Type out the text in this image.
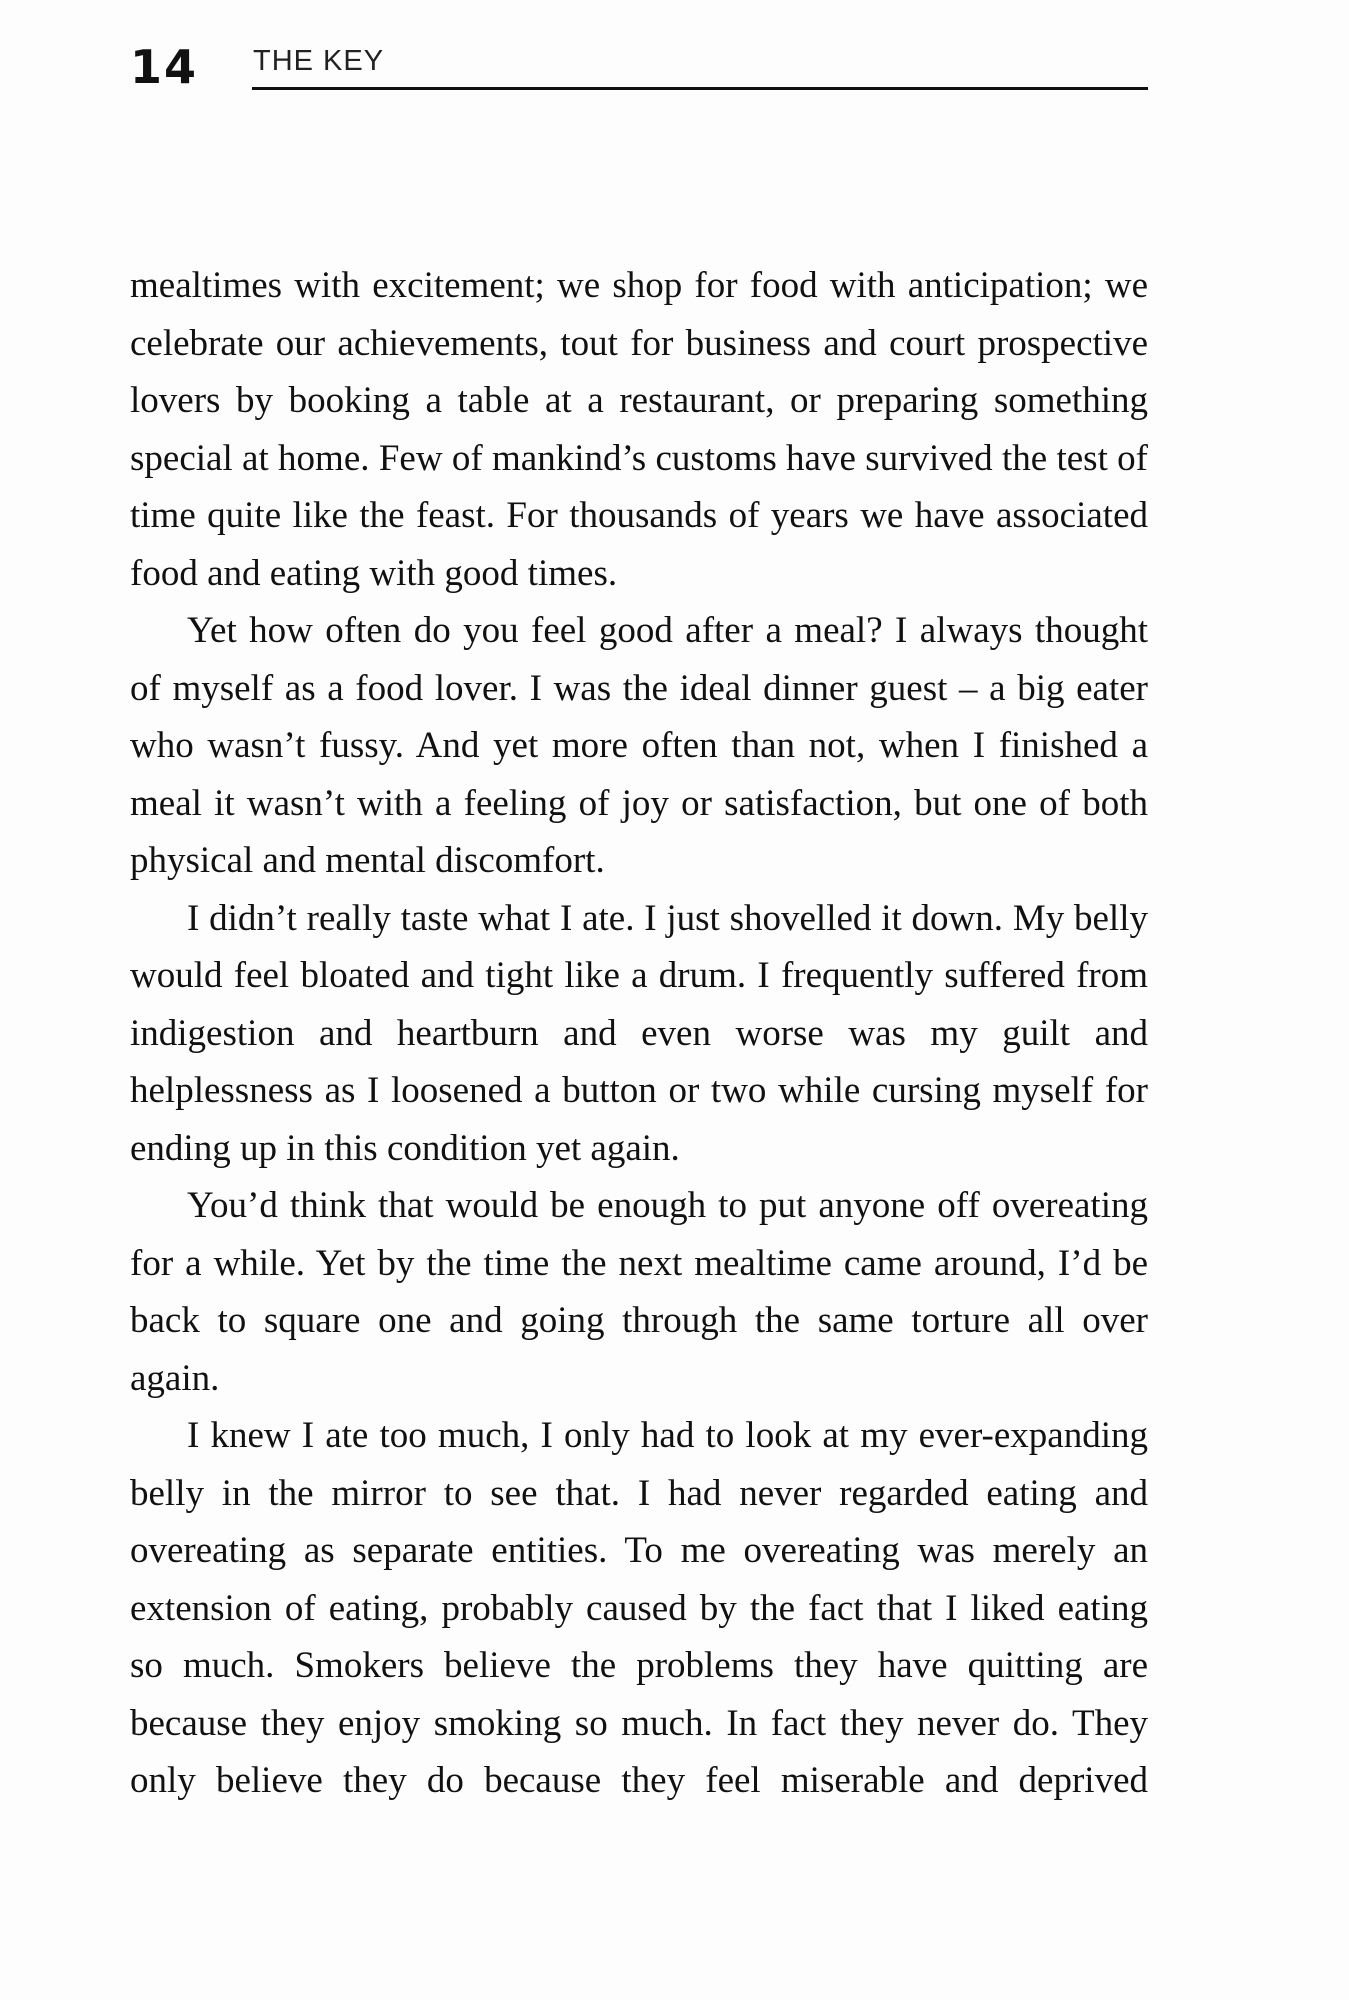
14 THE KEY

mealtimes with excitement; we shop for food with anticipation; we celebrate our achievements, tout for business and court prospective lovers by booking a table at a restaurant, or preparing something special at home. Few of mankind’s customs have survived the test of time quite like the feast. For thousands of years we have associated food and eating with good times.

Yet how often do you feel good after a meal? I always thought of myself as a food lover. I was the ideal dinner guest – a big eater who wasn’t fussy. And yet more often than not, when I finished a meal it wasn’t with a feeling of joy or satisfaction, but one of both physical and mental discomfort.

I didn’t really taste what I ate. I just shovelled it down. My belly would feel bloated and tight like a drum. I frequently suffered from indigestion and heartburn and even worse was my guilt and helplessness as I loosened a button or two while cursing myself for ending up in this condition yet again.

You’d think that would be enough to put anyone off overeating for a while. Yet by the time the next mealtime came around, I’d be back to square one and going through the same torture all over again.

I knew I ate too much, I only had to look at my ever-expanding belly in the mirror to see that. I had never regarded eating and overeating as separate entities. To me overeating was merely an extension of eating, probably caused by the fact that I liked eating so much. Smokers believe the problems they have quitting are because they enjoy smoking so much. In fact they never do. They only believe they do because they feel miserable and deprived
